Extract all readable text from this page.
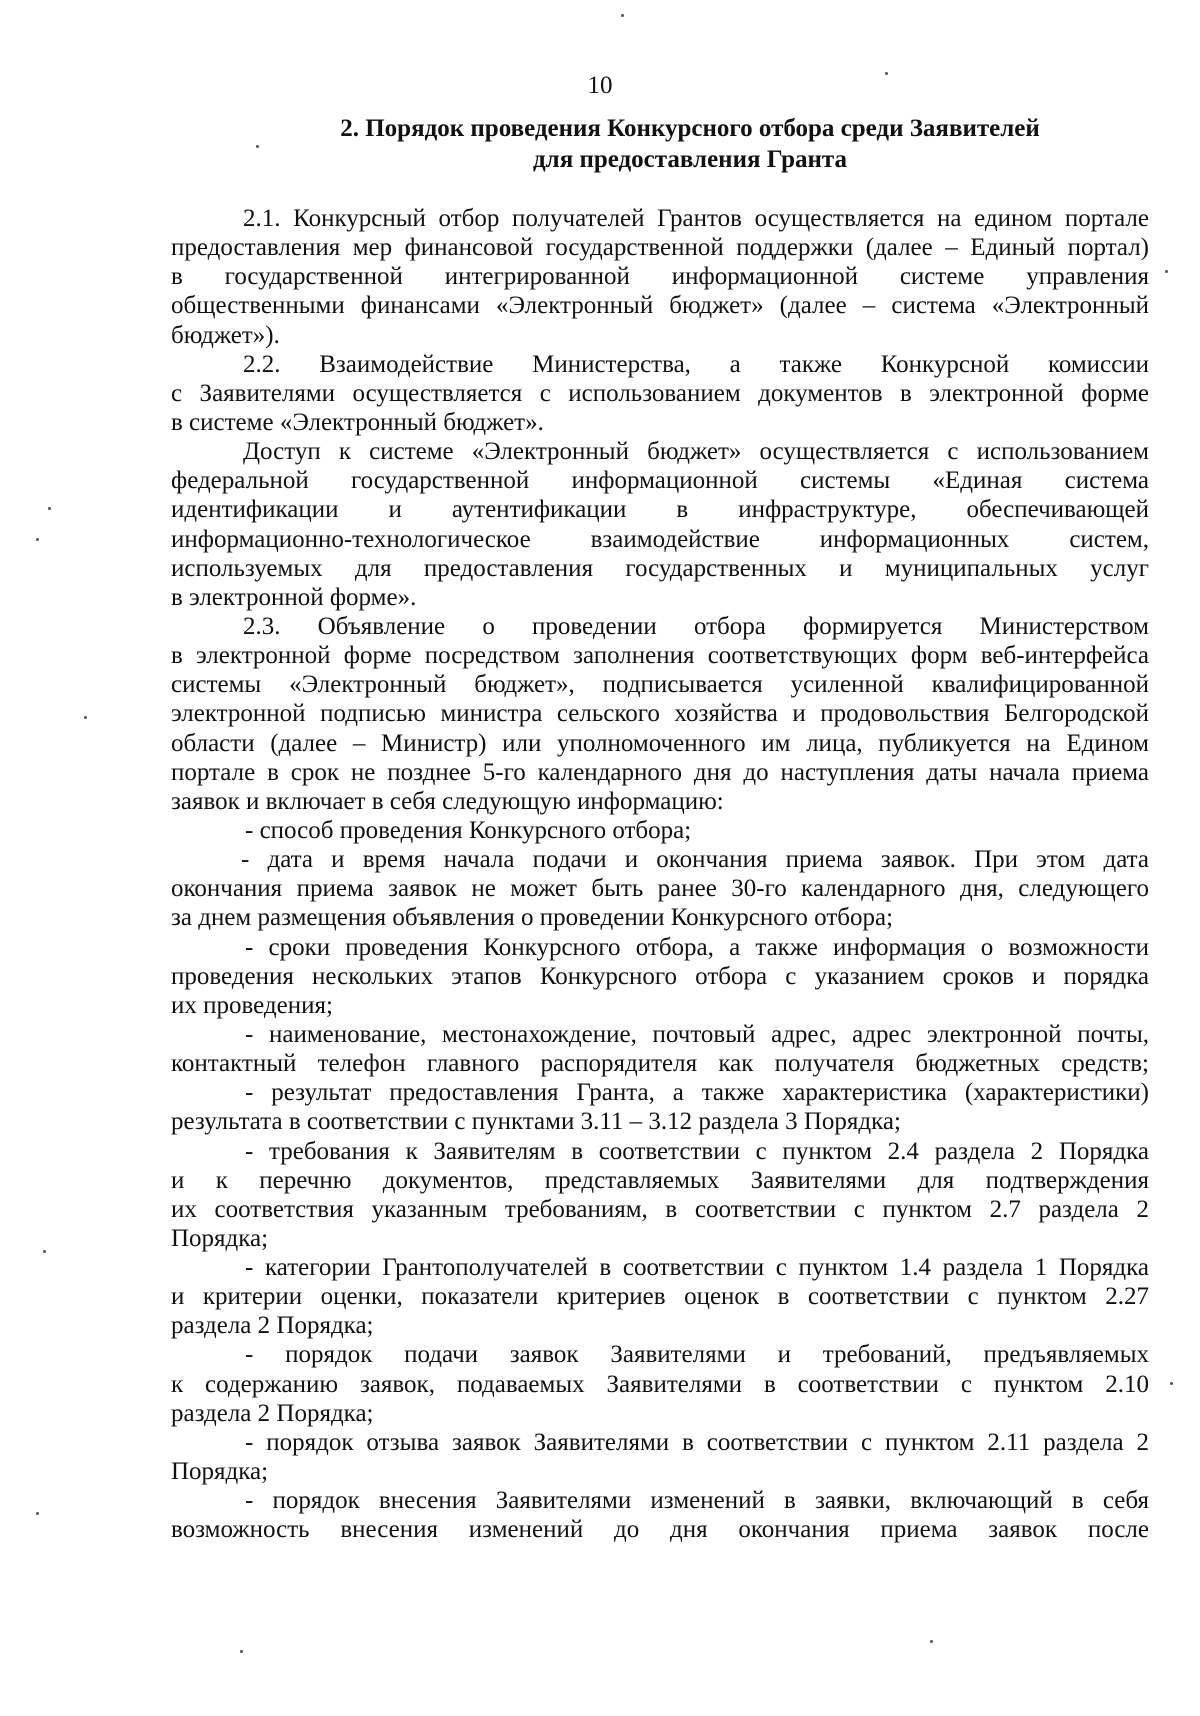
10
2. Порядок проведения Конкурсного отбора среди Заявителей
для предоставления Гранта
2.1. Конкурсный отбор получателей Грантов осуществляется на едином портале
предоставления мер финансовой государственной поддержки (далее – Единый портал)
в государственной интегрированной информационной системе управления
общественными финансами «Электронный бюджет» (далее – система «Электронный
бюджет»).
2.2. Взаимодействие Министерства, а также Конкурсной комиссии
с Заявителями осуществляется с использованием документов в электронной форме
в системе «Электронный бюджет».
Доступ к системе «Электронный бюджет» осуществляется с использованием
федеральной государственной информационной системы «Единая система
идентификации и аутентификации в инфраструктуре, обеспечивающей
информационно-технологическое взаимодействие информационных систем,
используемых для предоставления государственных и муниципальных услуг
в электронной форме».
2.3. Объявление о проведении отбора формируется Министерством
в электронной форме посредством заполнения соответствующих форм веб-интерфейса
системы «Электронный бюджет», подписывается усиленной квалифицированной
электронной подписью министра сельского хозяйства и продовольствия Белгородской
области (далее – Министр) или уполномоченного им лица, публикуется на Едином
портале в срок не позднее 5-го календарного дня до наступления даты начала приема
заявок и включает в себя следующую информацию:
- способ проведения Конкурсного отбора;
- дата и время начала подачи и окончания приема заявок. При этом дата
окончания приема заявок не может быть ранее 30-го календарного дня, следующего
за днем размещения объявления о проведении Конкурсного отбора;
- сроки проведения Конкурсного отбора, а также информация о возможности
проведения нескольких этапов Конкурсного отбора с указанием сроков и порядка
их проведения;
- наименование, местонахождение, почтовый адрес, адрес электронной почты,
контактный телефон главного распорядителя как получателя бюджетных средств;
- результат предоставления Гранта, а также характеристика (характеристики)
результата в соответствии с пунктами 3.11 – 3.12 раздела 3 Порядка;
- требования к Заявителям в соответствии с пунктом 2.4 раздела 2 Порядка
и к перечню документов, представляемых Заявителями для подтверждения
их соответствия указанным требованиям, в соответствии с пунктом 2.7 раздела 2
Порядка;
- категории Грантополучателей в соответствии с пунктом 1.4 раздела 1 Порядка
и критерии оценки, показатели критериев оценок в соответствии с пунктом 2.27
раздела 2 Порядка;
- порядок подачи заявок Заявителями и требований, предъявляемых
к содержанию заявок, подаваемых Заявителями в соответствии с пунктом 2.10
раздела 2 Порядка;
- порядок отзыва заявок Заявителями в соответствии с пунктом 2.11 раздела 2
Порядка;
- порядок внесения Заявителями изменений в заявки, включающий в себя
возможность внесения изменений до дня окончания приема заявок после
